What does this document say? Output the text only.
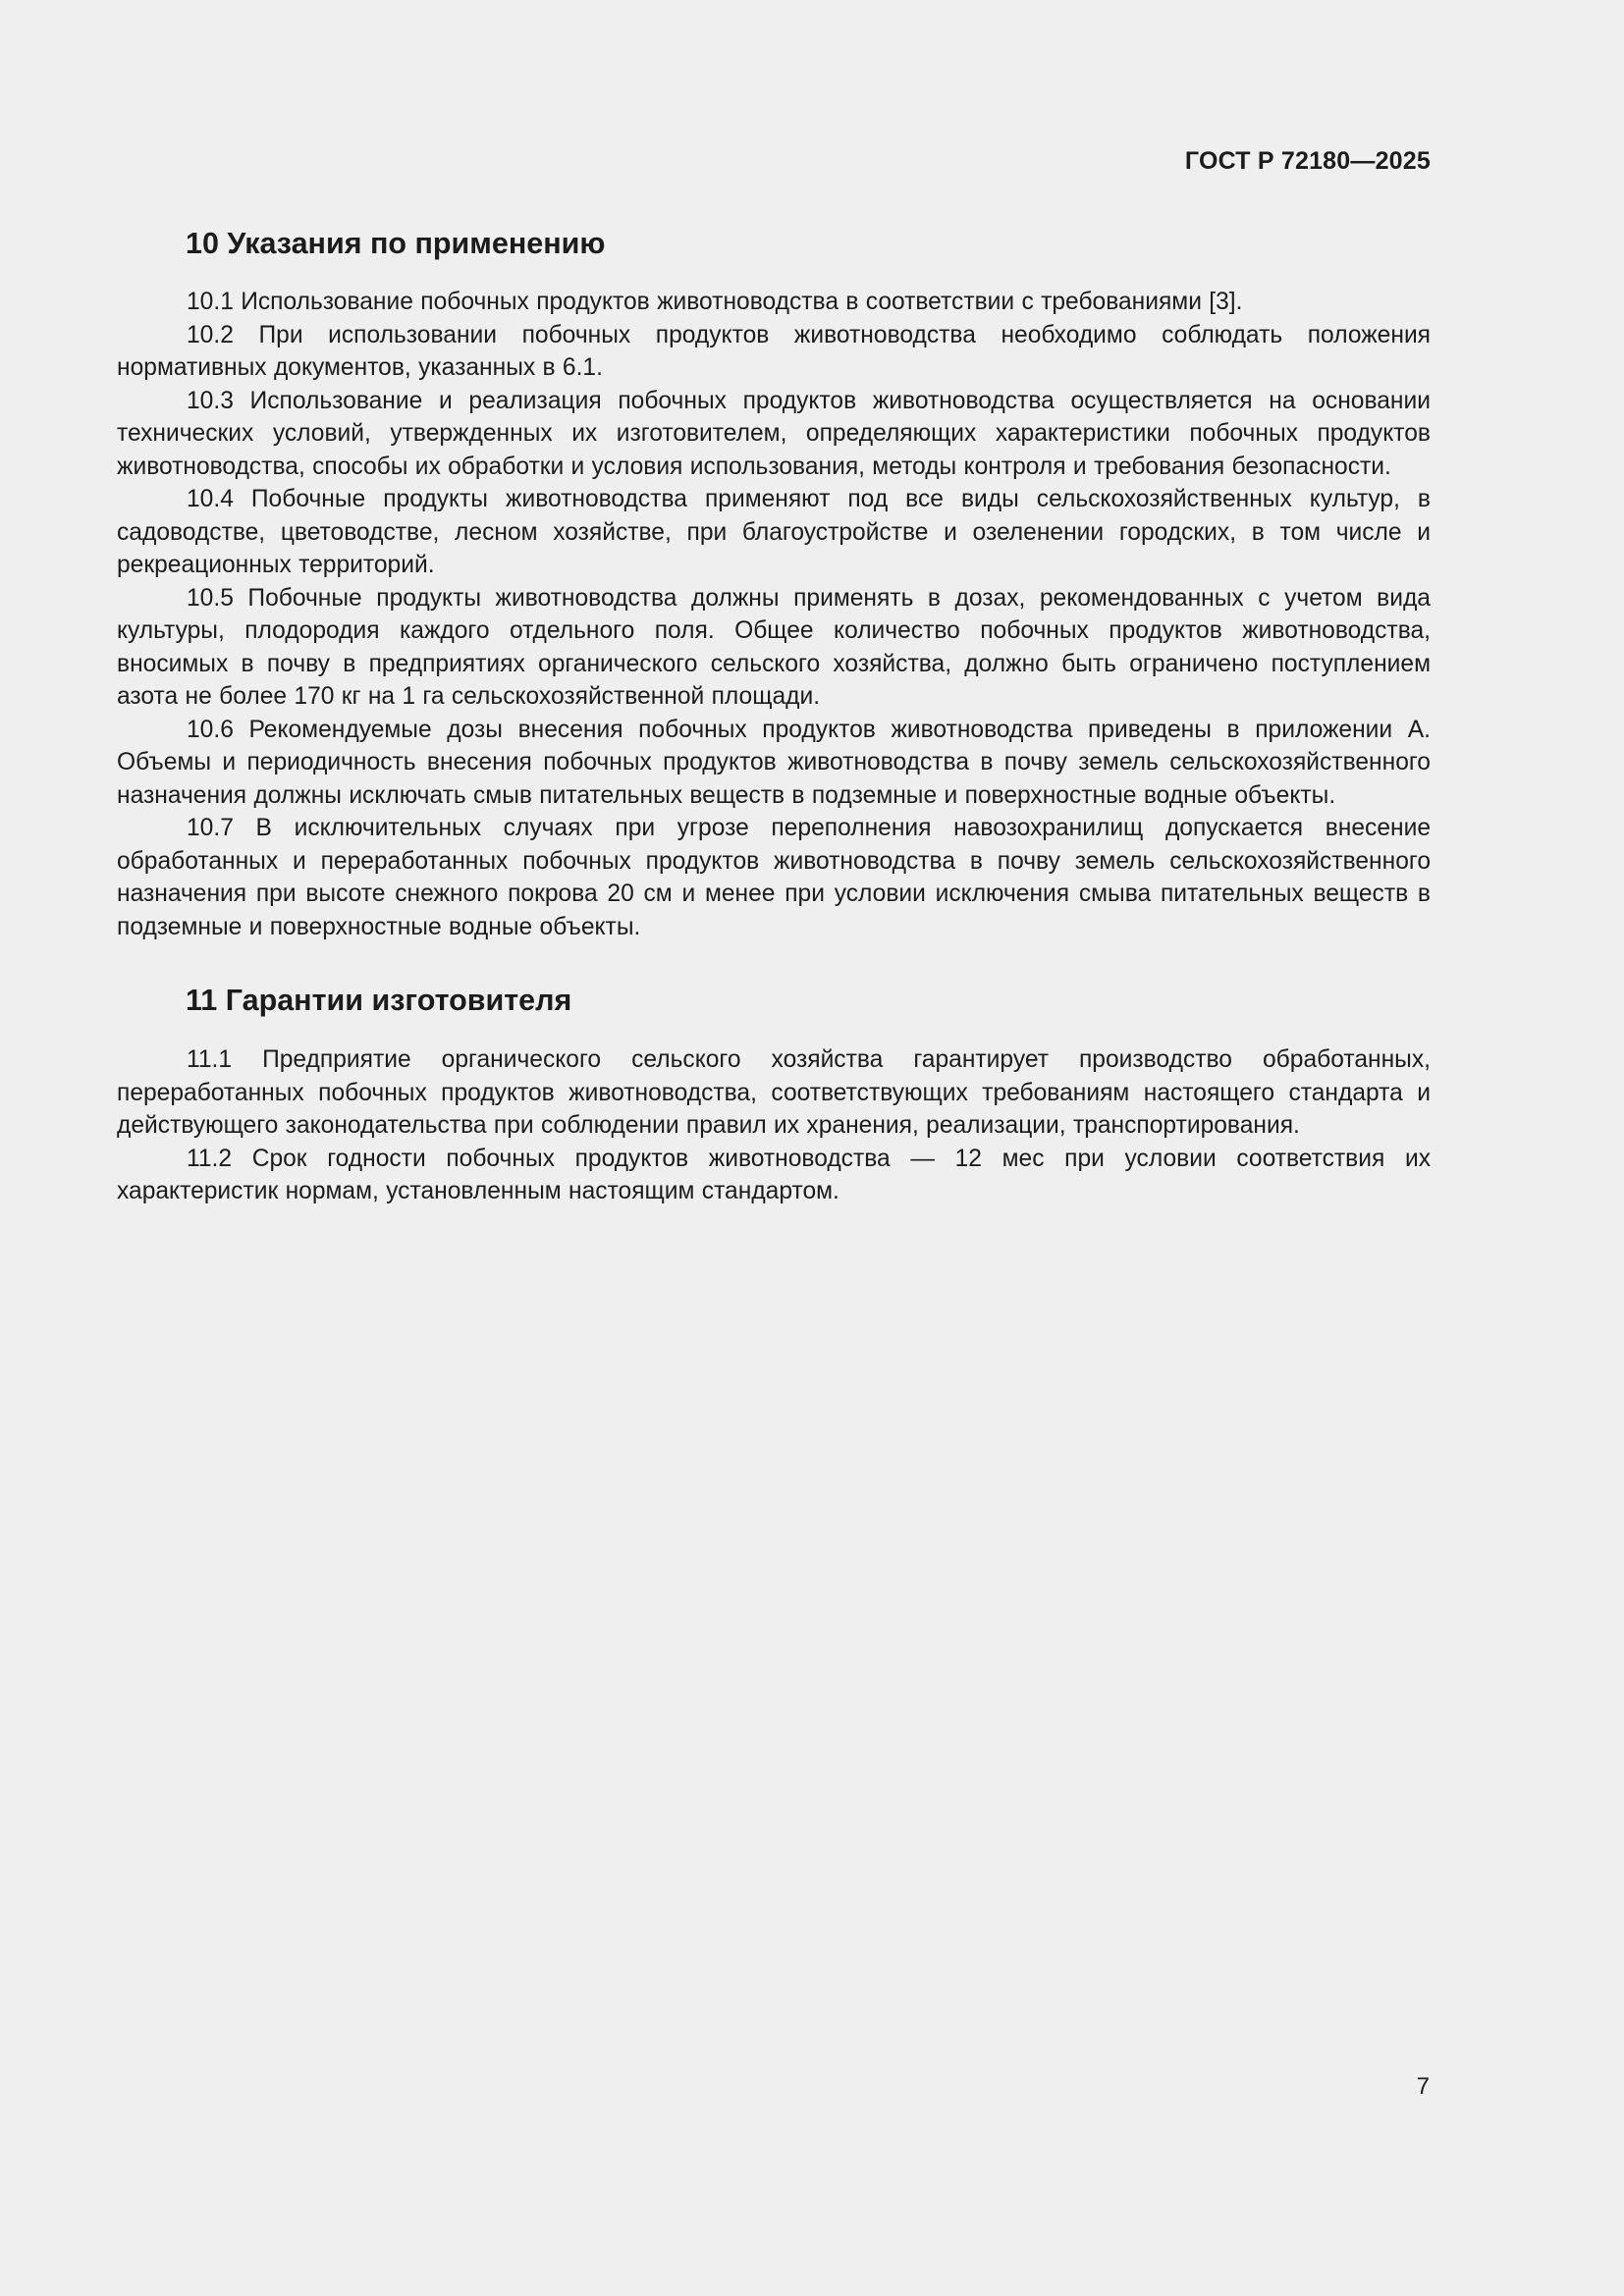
ГОСТ Р 72180—2025
10 Указания по применению

10.1 Использование побочных продуктов животноводства в соответствии с требованиями [3].

10.2 При использовании побочных продуктов животноводства необходимо соблюдать положения нормативных документов, указанных в 6.1.

10.3 Использование и реализация побочных продуктов животноводства осуществляется на основании технических условий, утвержденных их изготовителем, определяющих характеристики побочных продуктов животноводства, способы их обработки и условия использования, методы контроля и требования безопасности.

10.4 Побочные продукты животноводства применяют под все виды сельскохозяйственных культур, в садоводстве, цветоводстве, лесном хозяйстве, при благоустройстве и озеленении городских, в том числе и рекреационных территорий.

10.5 Побочные продукты животноводства должны применять в дозах, рекомендованных с учетом вида культуры, плодородия каждого отдельного поля. Общее количество побочных продуктов животноводства, вносимых в почву в предприятиях органического сельского хозяйства, должно быть ограничено поступлением азота не более 170 кг на 1 га сельскохозяйственной площади.

10.6 Рекомендуемые дозы внесения побочных продуктов животноводства приведены в приложении А. Объемы и периодичность внесения побочных продуктов животноводства в почву земель сельскохозяйственного назначения должны исключать смыв питательных веществ в подземные и поверхностные водные объекты.

10.7 В исключительных случаях при угрозе переполнения навозохранилищ допускается внесение обработанных и переработанных побочных продуктов животноводства в почву земель сельскохозяйственного назначения при высоте снежного покрова 20 см и менее при условии исключения смыва питательных веществ в подземные и поверхностные водные объекты.

11 Гарантии изготовителя

11.1 Предприятие органического сельского хозяйства гарантирует производство обработанных, переработанных побочных продуктов животноводства, соответствующих требованиям настоящего стандарта и действующего законодательства при соблюдении правил их хранения, реализации, транспортирования.

11.2 Срок годности побочных продуктов животноводства — 12 мес при условии соответствия их характеристик нормам, установленным настоящим стандартом.

7
